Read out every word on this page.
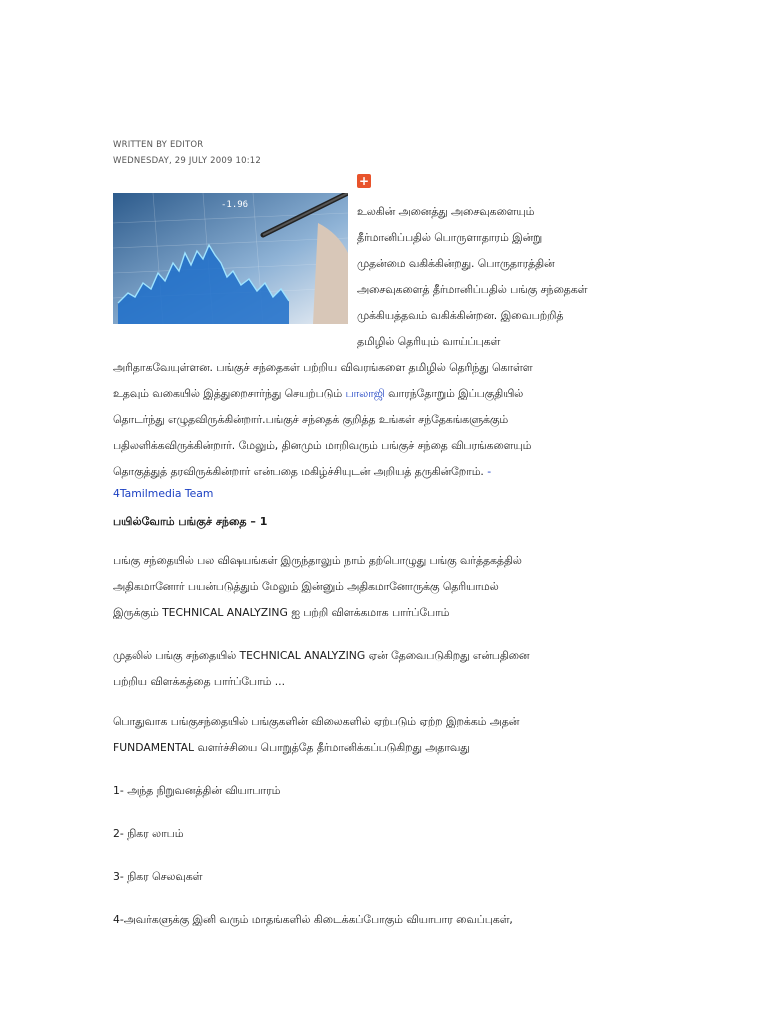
WRITTEN BY EDITOR
WEDNESDAY, 29 JULY 2009 10:12
+
-1.96	உலகின் அனைத்து அசைவுகளையும்
தீர்மானிப்பதில் பொருளாதாரம் இன்று
முதன்மை வகிக்கின்றது. பொருதாரத்தின்
அசைவுகளைத் தீர்மானிப்பதில் பங்கு சந்தைகள்
முக்கியத்தவம் வகிக்கின்றன. இவைபற்றித்
தமிழில் தெரியும் வாய்ப்புகள்
அரிதாகவேயுள்ளன. பங்குச் சந்தைகள் பற்றிய விவரங்களை தமிழில் தெரிந்து கொள்ள
உதவும் வகையில் இத்துறைசார்ந்து செயற்படும் பாலாஜி வாரந்தோறும் இப்பகுதியில்
தொடர்ந்து எழுதவிருக்கின்றார்.பங்குச் சந்தைக் குறித்த உங்கள் சந்தேகங்களுக்கும்
பதிலளிக்கவிருக்கின்றார். மேலும், தினமும் மாறிவரும் பங்குச் சந்தை விபரங்களையும்
தொகுத்துத் தரவிருக்கின்றார் என்பதை மகிழ்ச்சியுடன் அறியத் தருகின்றோம். -
4Tamilmedia Team
பயில்வோம் பங்குச் சந்தை – 1
பங்கு சந்தையில் பல விஷயங்கள் இருந்தாலும் நாம் தற்பொழுது பங்கு வர்த்தகத்தில்
அதிகமானோர் பயன்படுத்தும் மேலும் இன்னும் அதிகமானோருக்கு தெரியாமல்
இருக்கும் TECHNICAL ANALYZING ஐ பற்றி விளக்கமாக பார்ப்போம்
முதலில் பங்கு சந்தையில் TECHNICAL ANALYZING ஏன் தேவைபடுகிறது என்பதினை
பற்றிய விளக்கத்தை பார்ப்போம் ...
பொதுவாக பங்குசந்தையில் பங்குகளின் விலைகளில் ஏற்படும் ஏற்ற இறக்கம் அதன்
FUNDAMENTAL வளர்ச்சியை பொறுத்தே தீர்மானிக்கப்படுகிறது அதாவது
1- அந்த நிறுவனத்தின் வியாபாரம்
2- நிகர லாபம்
3- நிகர செலவுகள்
4-அவர்களுக்கு இனி வரும் மாதங்களில் கிடைக்கப்போகும் வியாபார வைப்புகள்,
